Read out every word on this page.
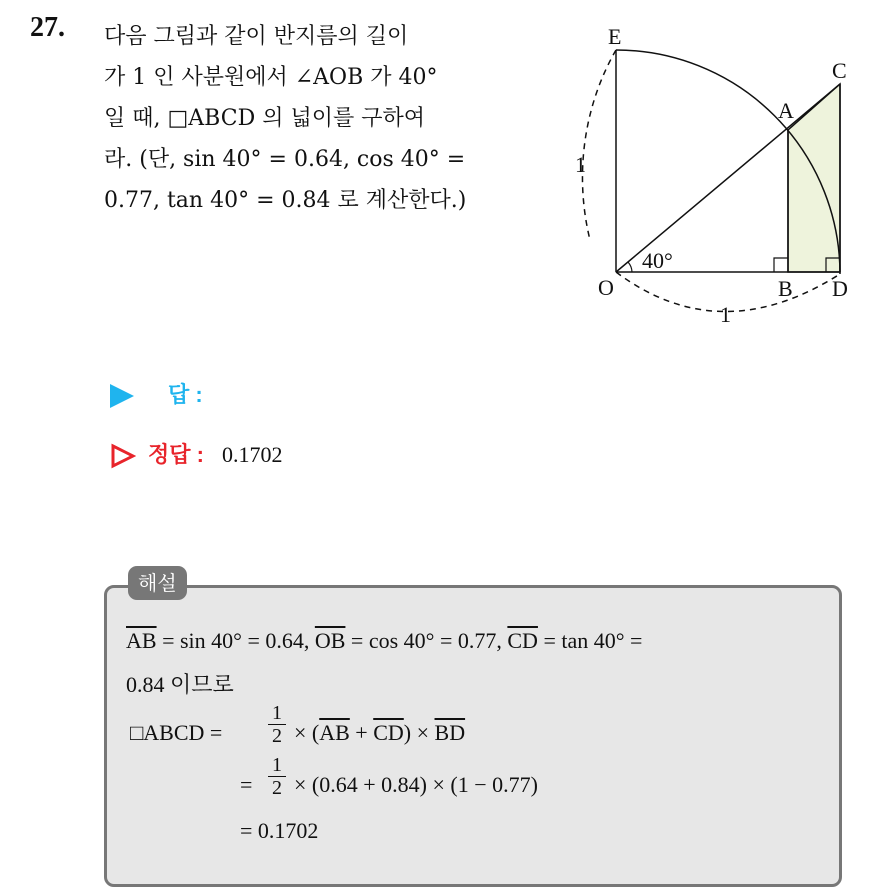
27. 다음 그림과 같이 반지름의 길이
가 1 인 사분원에서 ∠AOB 가 40°
일 때, □ABCD 의 넓이를 구하여
라. (단, sin 40° = 0.64, cos 40° =
0.77, tan 40° = 0.84 로 계산한다.)
E
C
A
O	B D
1
1
40°
답 :
정답 : 0.1702
해설
$\overline{AB} = \sin 40^\circ = 0.64$, $\overline{OB} = \cos 40^\circ = 0.77$, $\overline{CD} = \tan 40^\circ$ =
0.84 이므로
□ABCD = $\frac{1}{2} \times (\overline{AB} + \overline{CD}) \times \overline{BD}$
= $\frac{1}{2} \times (0.64 + 0.84) \times (1 - 0.77)$
= 0.1702
